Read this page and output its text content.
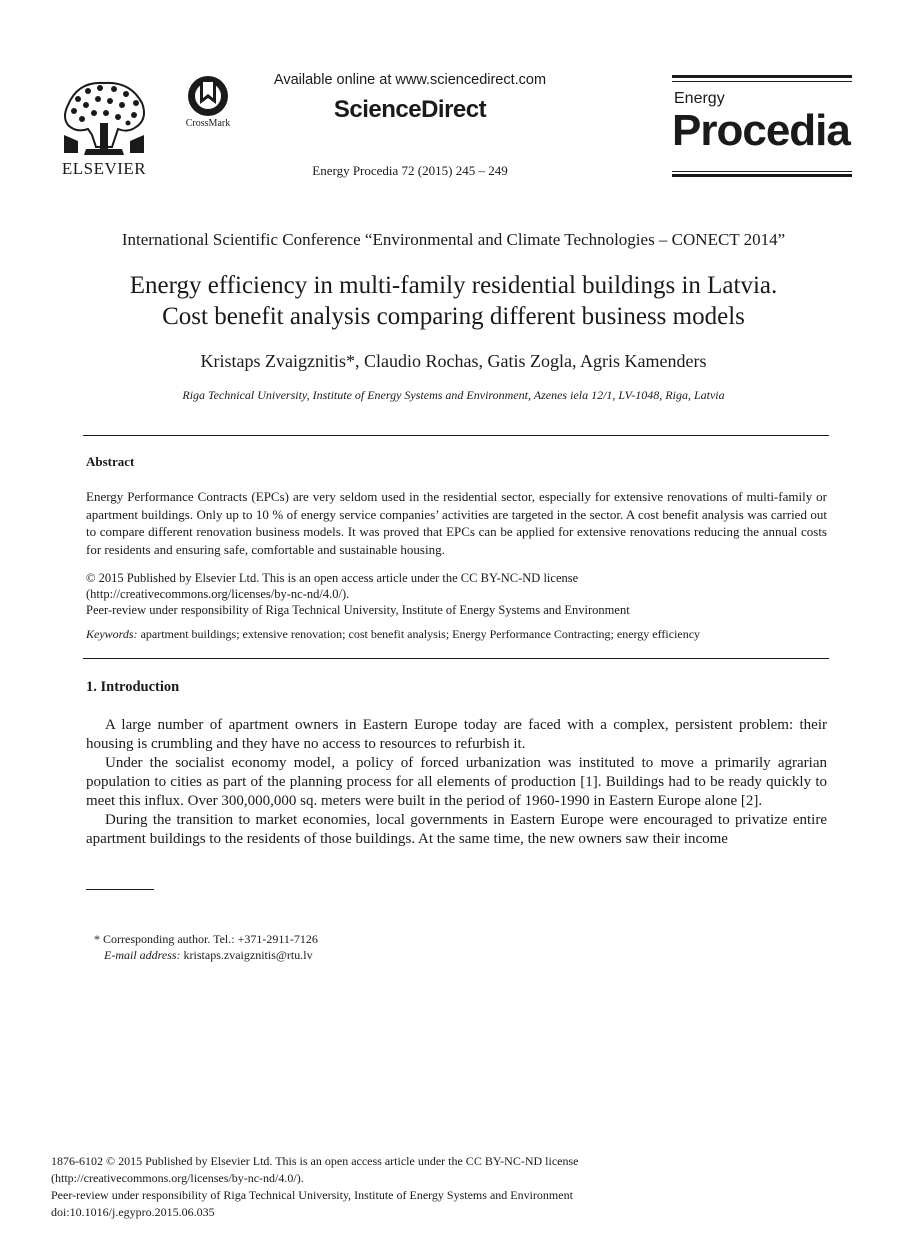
ELSEVIER
CrossMark
Available online at www.sciencedirect.com
ScienceDirect
Energy Procedia 72 (2015) 245 – 249
Energy
Procedia
International Scientific Conference “Environmental and Climate Technologies – CONECT 2014”
Energy efficiency in multi-family residential buildings in Latvia.
Cost benefit analysis comparing different business models
Kristaps Zvaigznitis*, Claudio Rochas, Gatis Zogla, Agris Kamenders
Riga Technical University, Institute of Energy Systems and Environment, Azenes iela 12/1, LV-1048, Riga, Latvia
Abstract
Energy Performance Contracts (EPCs) are very seldom used in the residential sector, especially for extensive renovations of multi-family or apartment buildings. Only up to 10 % of energy service companies’ activities are targeted in the sector. A cost benefit analysis was carried out to compare different renovation business models. It was proved that EPCs can be applied for extensive renovations reducing the annual costs for residents and ensuring safe, comfortable and sustainable housing.
© 2015 Published by Elsevier Ltd. This is an open access article under the CC BY-NC-ND license
(http://creativecommons.org/licenses/by-nc-nd/4.0/).
Peer-review under responsibility of Riga Technical University, Institute of Energy Systems and Environment
Keywords: apartment buildings; extensive renovation; cost benefit analysis; Energy Performance Contracting; energy efficiency
1. Introduction

A large number of apartment owners in Eastern Europe today are faced with a complex, persistent problem: their housing is crumbling and they have no access to resources to refurbish it.

Under the socialist economy model, a policy of forced urbanization was instituted to move a primarily agrarian population to cities as part of the planning process for all elements of production [1]. Buildings had to be ready quickly to meet this influx. Over 300,000,000 sq. meters were built in the period of 1960-1990 in Eastern Europe alone [2].

During the transition to market economies, local governments in Eastern Europe were encouraged to privatize entire apartment buildings to the residents of those buildings. At the same time, the new owners saw their income

* Corresponding author. Tel.: +371-2911-7126
E-mail address: kristaps.zvaigznitis@rtu.lv
1876-6102 © 2015 Published by Elsevier Ltd. This is an open access article under the CC BY-NC-ND license
(http://creativecommons.org/licenses/by-nc-nd/4.0/).
Peer-review under responsibility of Riga Technical University, Institute of Energy Systems and Environment
doi:10.1016/j.egypro.2015.06.035
